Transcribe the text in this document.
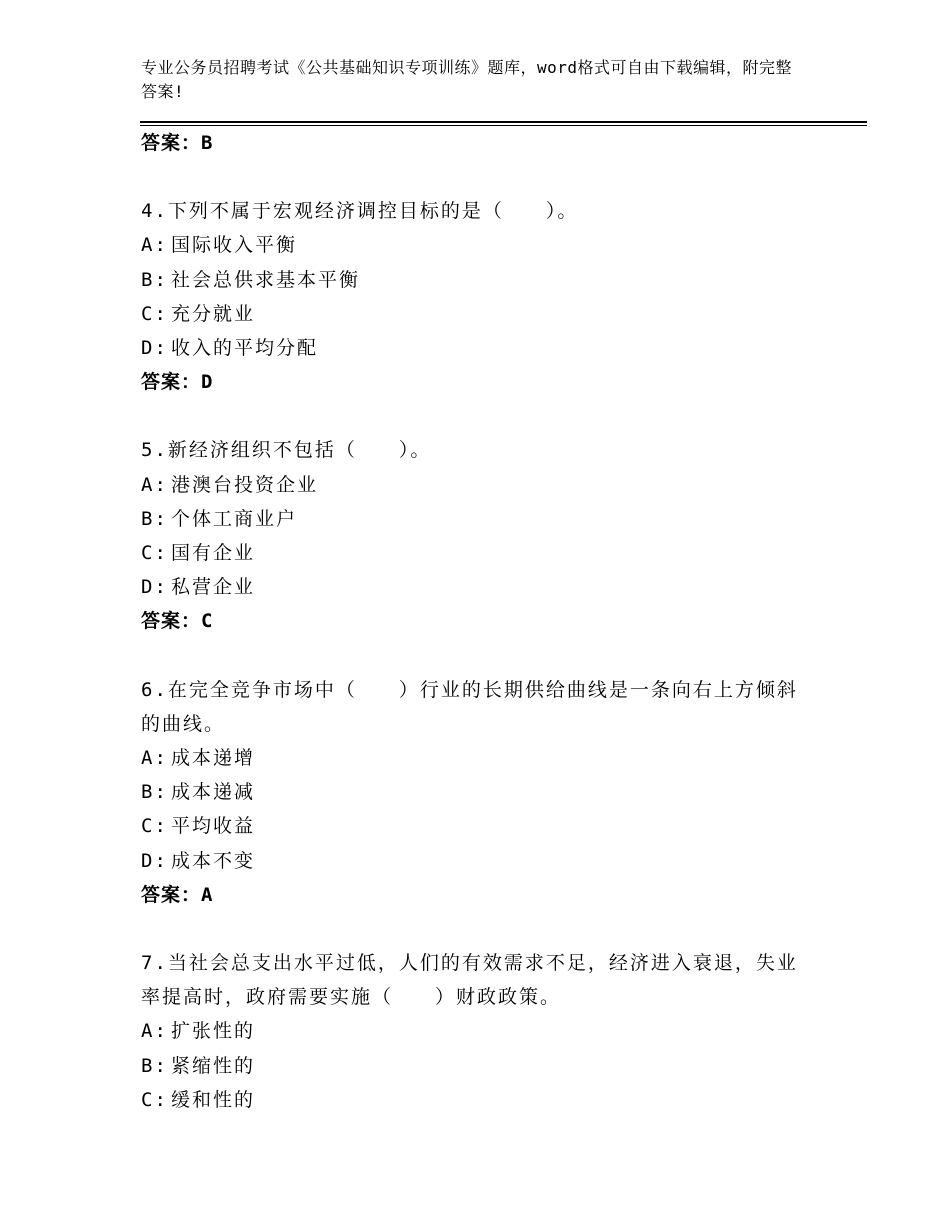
专业公务员招聘考试《公共基础知识专项训练》题库，word格式可自由下载编辑，附完整答案!
答案：B
4.下列不属于宏观经济调控目标的是（　　）。
A: 国际收入平衡
B: 社会总供求基本平衡
C: 充分就业
D: 收入的平均分配
答案：D
5.新经济组织不包括（　　）。
A: 港澳台投资企业
B: 个体工商业户
C: 国有企业
D: 私营企业
答案：C
6.在完全竞争市场中（　　）行业的长期供给曲线是一条向右上方倾斜的曲线。
A: 成本递增
B: 成本递减
C: 平均收益
D: 成本不变
答案：A
7.当社会总支出水平过低，人们的有效需求不足，经济进入衰退，失业率提高时，政府需要实施（　　）财政政策。
A: 扩张性的
B: 紧缩性的
C: 缓和性的
